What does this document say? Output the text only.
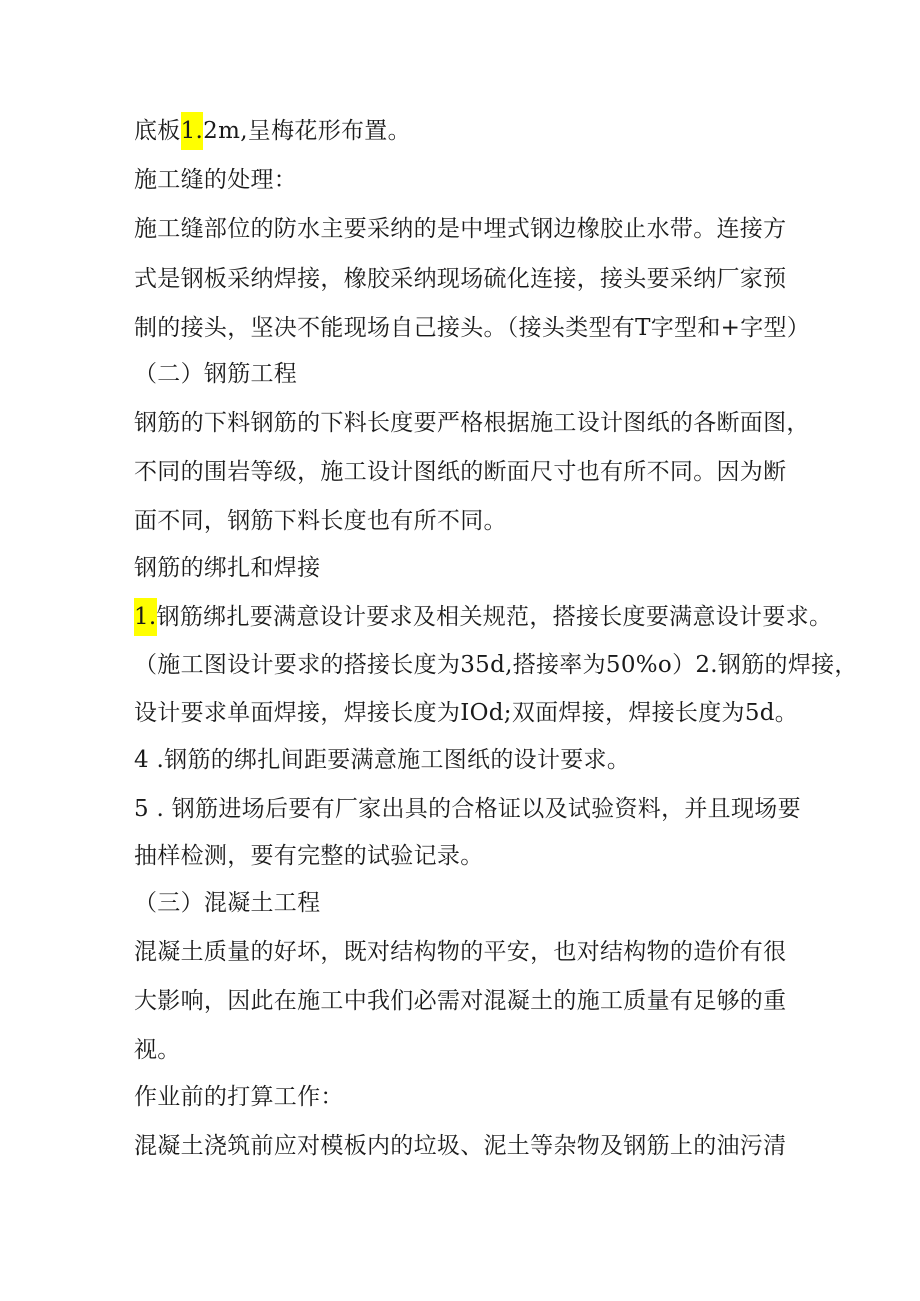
底板1.2m,呈梅花形布置。
施工缝的处理：
施工缝部位的防水主要采纳的是中埋式钢边橡胶止水带。连接方
式是钢板采纳焊接，橡胶采纳现场硫化连接，接头要采纳厂家预
制的接头，坚决不能现场自己接头。（接头类型有T字型和+字型）
（二）钢筋工程
钢筋的下料钢筋的下料长度要严格根据施工设计图纸的各断面图，
不同的围岩等级，施工设计图纸的断面尺寸也有所不同。因为断
面不同，钢筋下料长度也有所不同。
钢筋的绑扎和焊接
1.钢筋绑扎要满意设计要求及相关规范，搭接长度要满意设计要求。
（施工图设计要求的搭接长度为35d,搭接率为50%o）2.钢筋的焊接，
设计要求单面焊接，焊接长度为IOd;双面焊接，焊接长度为5d。
4 .钢筋的绑扎间距要满意施工图纸的设计要求。
5 . 钢筋进场后要有厂家出具的合格证以及试验资料，并且现场要
抽样检测，要有完整的试验记录。
（三）混凝土工程
混凝土质量的好坏，既对结构物的平安，也对结构物的造价有很
大影响，因此在施工中我们必需对混凝土的施工质量有足够的重
视。
作业前的打算工作：
混凝土浇筑前应对模板内的垃圾、泥土等杂物及钢筋上的油污清
